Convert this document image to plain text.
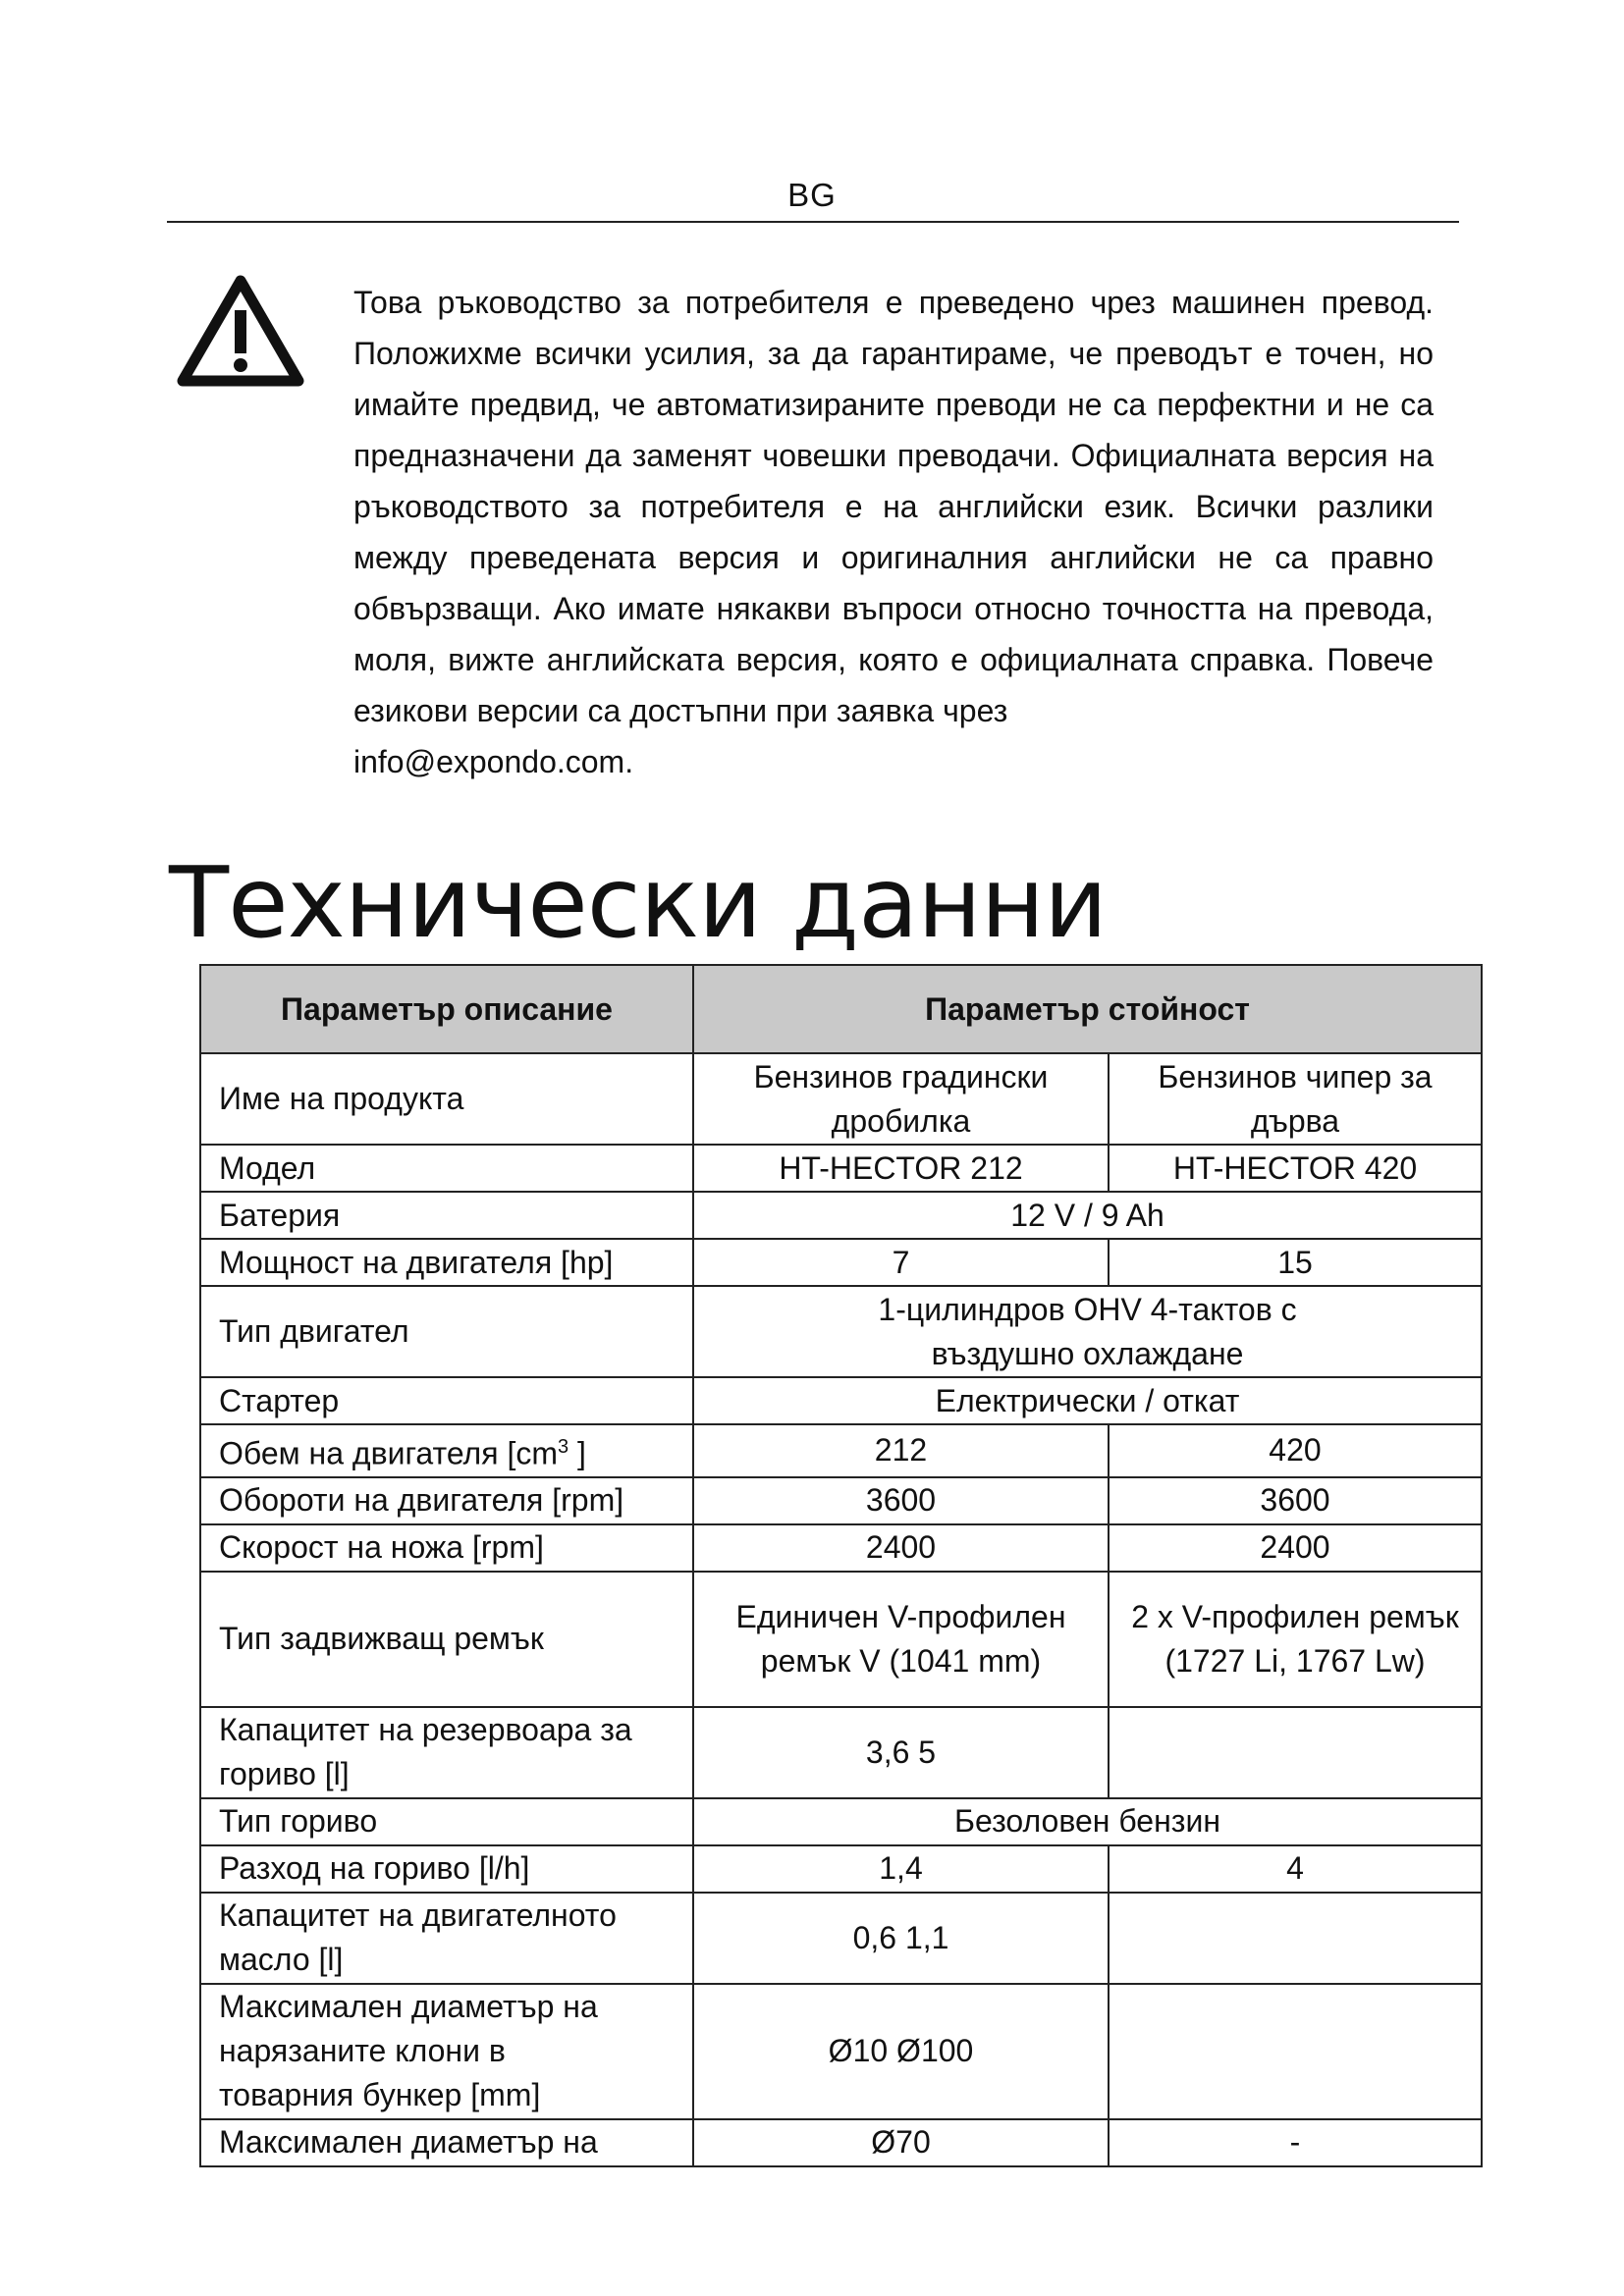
BG
Това ръководство за потребителя е преведено чрез машинен превод. Положихме всички усилия, за да гарантираме, че преводът е точен, но имайте предвид, че автоматизираните преводи не са перфектни и не са предназначени да заменят човешки преводачи. Официалната версия на ръководството за потребителя е на английски език. Всички разлики между преведената версия и оригиналния английски не са правно обвързващи. Ако имате някакви въпроси относно точността на превода, моля, вижте английската версия, която е официалната справка. Повече езикови версии са достъпни при заявка чрез
info@expondo.com.
Технически данни
Параметър описание	Параметър стойност	
Име на продукта	Бензинов градински дробилка	Бензинов чипер за дърва
Модел	HT-HECTOR 212	HT-HECTOR 420
Батерия	12 V / 9 Ah	
Мощност на двигателя [hp]	7	15
Тип двигател	1-цилиндров OHV 4-тактов с въздушно охлаждане	
Стартер	Електрически / откат	
Обем на двигателя [$cm^3$ ]	212	420
Обороти на двигателя [rpm]	3600	3600
Скорост на ножа [rpm]	2400	2400
Тип задвижващ ремък	Единичен V-профилен ремък V (1041 mm)	2 x V-профилен ремък (1727 Li, 1767 Lw)
Капацитет на резервоара за гориво [l]	3,6 5	
Тип гориво	Безоловен бензин	
Разход на гориво [l/h]	1,4	4
Капацитет на двигателното масло [l]	0,6 1,1	
Максимален диаметър на нарязаните клони в товарния бункер [mm]	Ø10 Ø100	
Максимален диаметър на	Ø70	-
